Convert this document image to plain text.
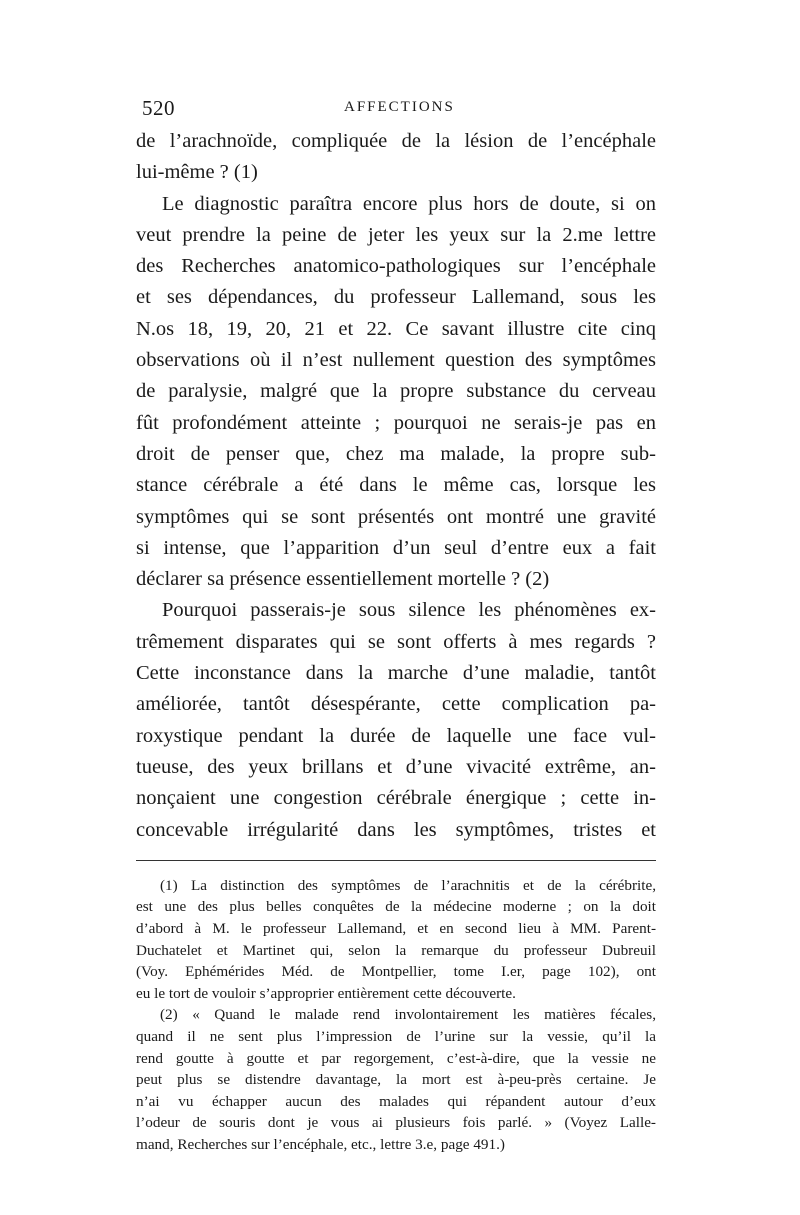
520	AFFECTIONS
de l’arachnoïde, compliquée de la lésion de l’encéphale
lui-même ? (1)
Le diagnostic paraîtra encore plus hors de doute, si on
veut prendre la peine de jeter les yeux sur la 2.me lettre
des Recherches anatomico-pathologiques sur l’encéphale
et ses dépendances, du professeur Lallemand, sous les
N.os 18, 19, 20, 21 et 22. Ce savant illustre cite cinq
observations où il n’est nullement question des symptômes
de paralysie, malgré que la propre substance du cerveau
fût profondément atteinte ; pourquoi ne serais-je pas en
droit de penser que, chez ma malade, la propre sub-
stance cérébrale a été dans le même cas, lorsque les
symptômes qui se sont présentés ont montré une gravité
si intense, que l’apparition d’un seul d’entre eux a fait
déclarer sa présence essentiellement mortelle ? (2)
Pourquoi passerais-je sous silence les phénomènes ex-
trêmement disparates qui se sont offerts à mes regards ?
Cette inconstance dans la marche d’une maladie, tantôt
améliorée, tantôt désespérante, cette complication pa-
roxystique pendant la durée de laquelle une face vul-
tueuse, des yeux brillans et d’une vivacité extrême, an-
nonçaient une congestion cérébrale énergique ; cette in-
concevable irrégularité dans les symptômes, tristes et
(1) La distinction des symptômes de l’arachnitis et de la cérébrite,
est une des plus belles conquêtes de la médecine moderne ; on la doit
d’abord à M. le professeur Lallemand, et en second lieu à MM. Parent-
Duchatelet et Martinet qui, selon la remarque du professeur Dubreuil
(Voy. Ephémérides Méd. de Montpellier, tome I.er, page 102), ont
eu le tort de vouloir s’approprier entièrement cette découverte.
(2) « Quand le malade rend involontairement les matières fécales,
quand il ne sent plus l’impression de l’urine sur la vessie, qu’il la
rend goutte à goutte et par regorgement, c’est-à-dire, que la vessie ne
peut plus se distendre davantage, la mort est à-peu-près certaine. Je
n’ai vu échapper aucun des malades qui répandent autour d’eux
l’odeur de souris dont je vous ai plusieurs fois parlé. » (Voyez Lalle-
mand, Recherches sur l’encéphale, etc., lettre 3.e, page 491.)
